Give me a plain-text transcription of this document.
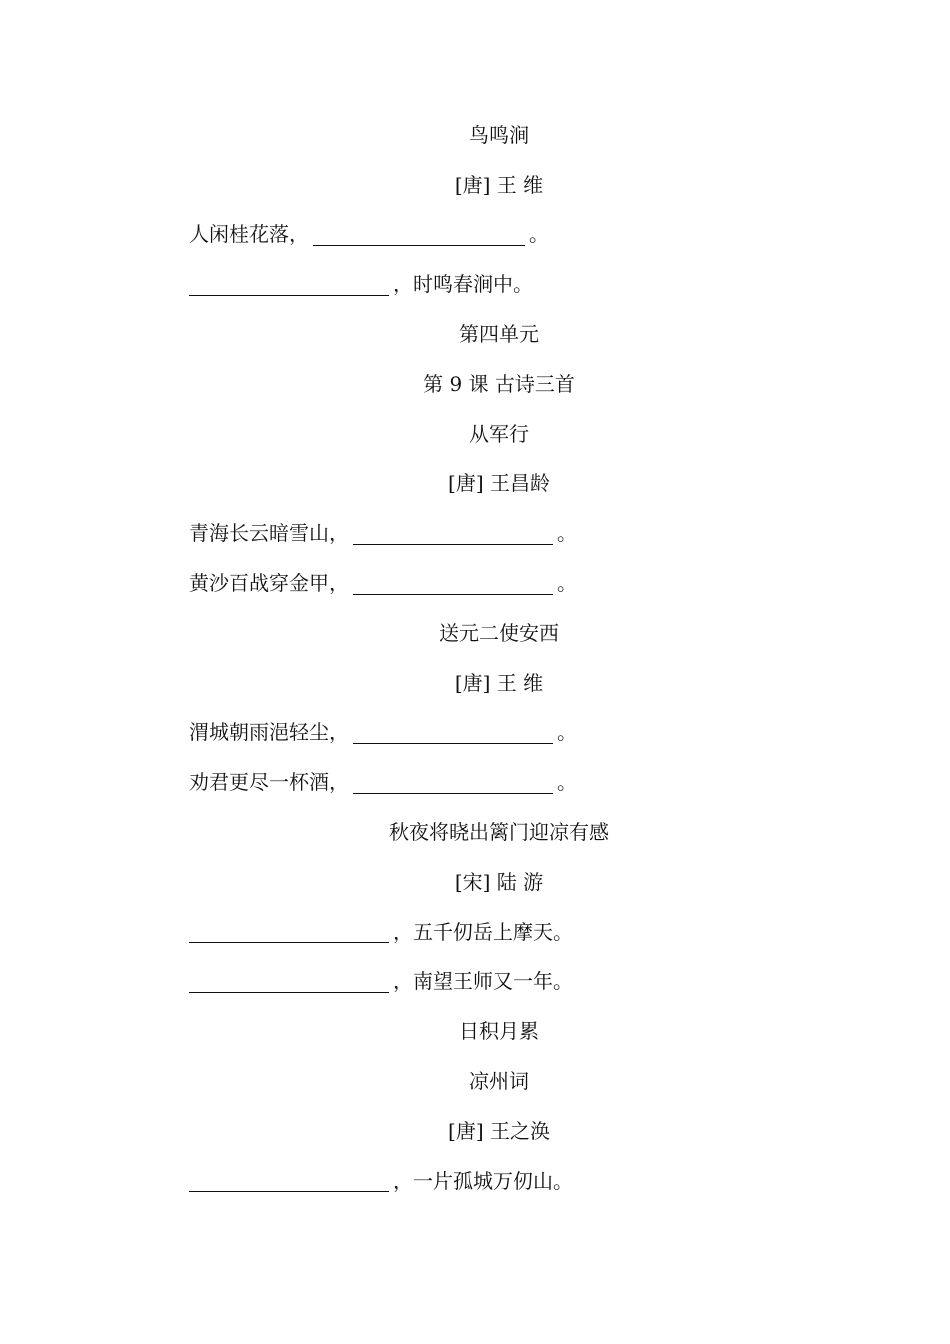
鸟鸣涧
[唐] 王 维
人闲桂花落，	。
，时鸣春涧中。
第四单元
第 9 课 古诗三首
从军行
[唐] 王昌龄
青海长云暗雪山，	。
黄沙百战穿金甲，	。
送元二使安西
[唐] 王 维
渭城朝雨浥轻尘，	。
劝君更尽一杯酒，	。
秋夜将晓出篱门迎凉有感
[宋] 陆 游
，五千仞岳上摩天。
，南望王师又一年。
日积月累
凉州词
[唐] 王之涣
，一片孤城万仞山。
